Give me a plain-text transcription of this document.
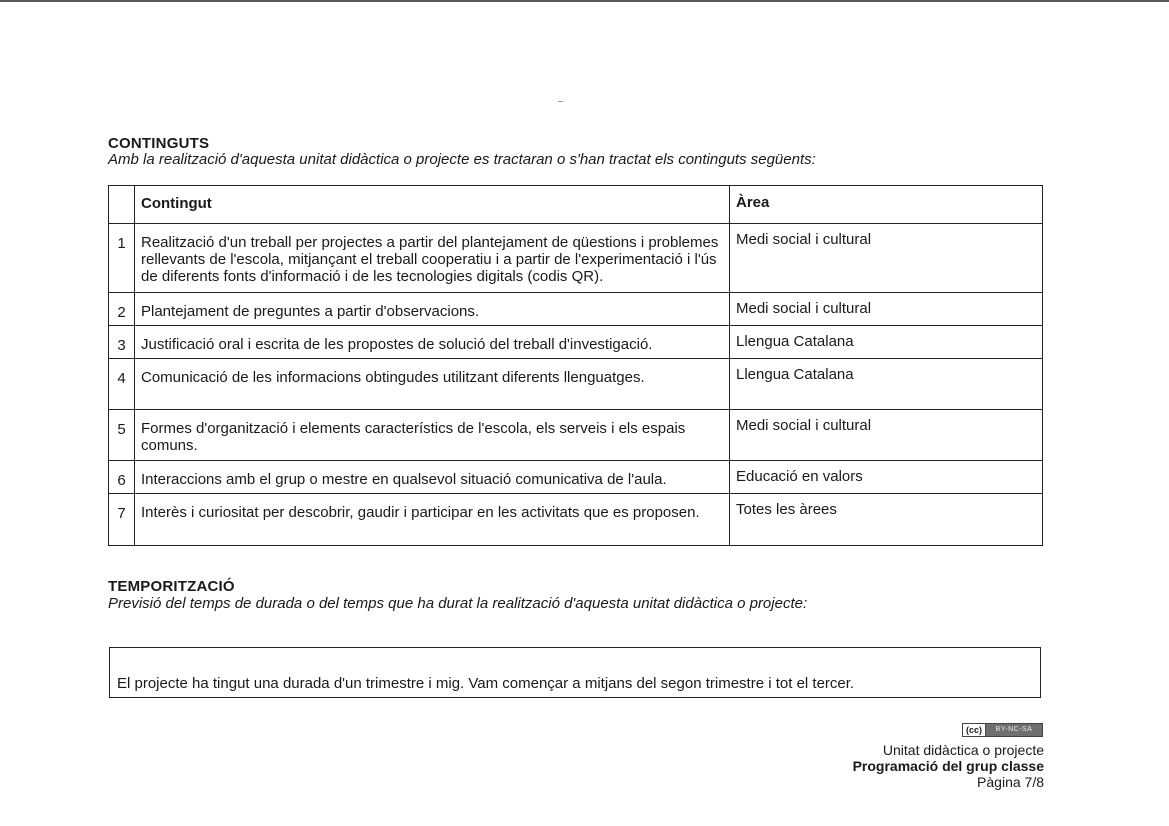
CONTINGUTS
Amb la realització d'aquesta unitat didàctica o projecte es tractaran o s'han tractat els continguts següents:
	Contingut	Àrea
1	Realització d'un treball per projectes a partir del plantejament de qüestions i problemes rellevants de l'escola, mitjançant el treball cooperatiu i a partir de l'experimentació i l'ús de diferents fonts d'informació i de les tecnologies digitals (codis QR).	Medi social i cultural
2	Plantejament de preguntes a partir d'observacions.	Medi social i cultural
3	Justificació oral i escrita de les propostes de solució del treball d'investigació.	Llengua Catalana
4	Comunicació de les informacions obtingudes utilitzant diferents llenguatges.	Llengua Catalana
5	Formes d'organització i elements característics de l'escola, els serveis i els espais comuns.	Medi social i cultural
6	Interaccions amb el grup o mestre en qualsevol situació comunicativa de l'aula.	Educació en valors
7	Interès i curiositat per descobrir, gaudir i participar en les activitats que es proposen.	Totes les àrees
TEMPORITZACIÓ
Previsió del temps de durada o del temps que ha durat la realització d'aquesta unitat didàctica o projecte:
El projecte ha tingut una durada d'un trimestre i mig. Vam començar a mitjans del segon trimestre i tot el tercer.
(cc)	BY-NC-SA
Unitat didàctica o projecte
Programació del grup classe
Pàgina 7/8
